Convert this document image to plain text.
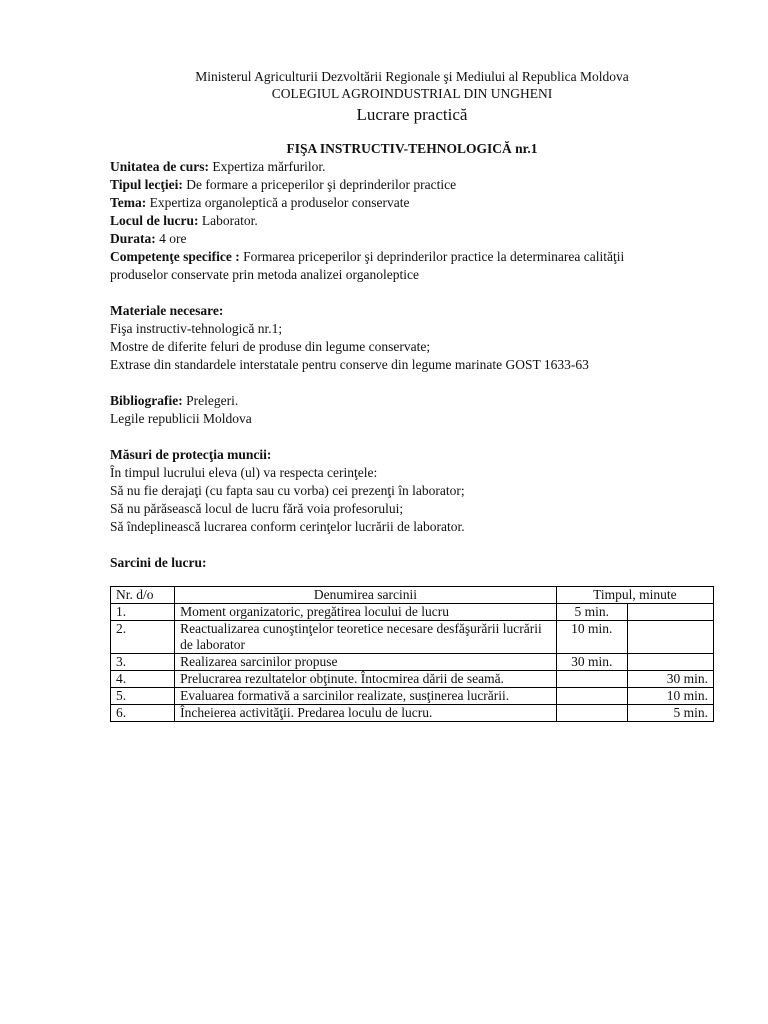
Ministerul Agriculturii Dezvoltării Regionale şi Mediului al Republica Moldova
COLEGIUL AGROINDUSTRIAL DIN UNGHENI
Lucrare practică
FIŞA INSTRUCTIV-TEHNOLOGICĂ nr.1

Unitatea de curs: Expertiza mărfurilor.

Tipul lecţiei: De formare a priceperilor şi deprinderilor practice

Tema: Expertiza organoleptică a produselor conservate

Locul de lucru: Laborator.

Durata: 4 ore

Competenţe specifice : Formarea priceperilor şi deprinderilor practice la determinarea calităţii

produselor conservate prin metoda analizei organoleptice

Materiale necesare:

Fişa instructiv-tehnologică nr.1;

Mostre de diferite feluri de produse din legume conservate;

Extrase din standardele interstatale pentru conserve din legume marinate GOST 1633-63

Bibliografie: Prelegeri.

Legile republicii Moldova

Măsuri de protecţia muncii:

În timpul lucrului eleva (ul) va respecta cerinţele:

Să nu fie derajaţi (cu fapta sau cu vorba) cei prezenţi în laborator;

Să nu părăsească locul de lucru fără voia profesorului;

Să îndeplinească lucrarea conform cerinţelor lucrării de laborator.

Sarcini de lucru:

Nr. d/o	Denumirea sarcinii	Timpul, minute	
1.	Moment organizatoric, pregătirea locului de lucru	5 min.	
2.	Reactualizarea cunoştinţelor teoretice necesare desfăşurării lucrării de laborator	10 min.	
3.	Realizarea sarcinilor propuse	30 min.	
4.	Prelucrarea rezultatelor obţinute. Întocmirea dării de seamă.		30 min.
5.	Evaluarea formativă a sarcinilor realizate, susţinerea lucrării.		10 min.
6.	Încheierea activităţii. Predarea loculu de lucru.		5 min.
